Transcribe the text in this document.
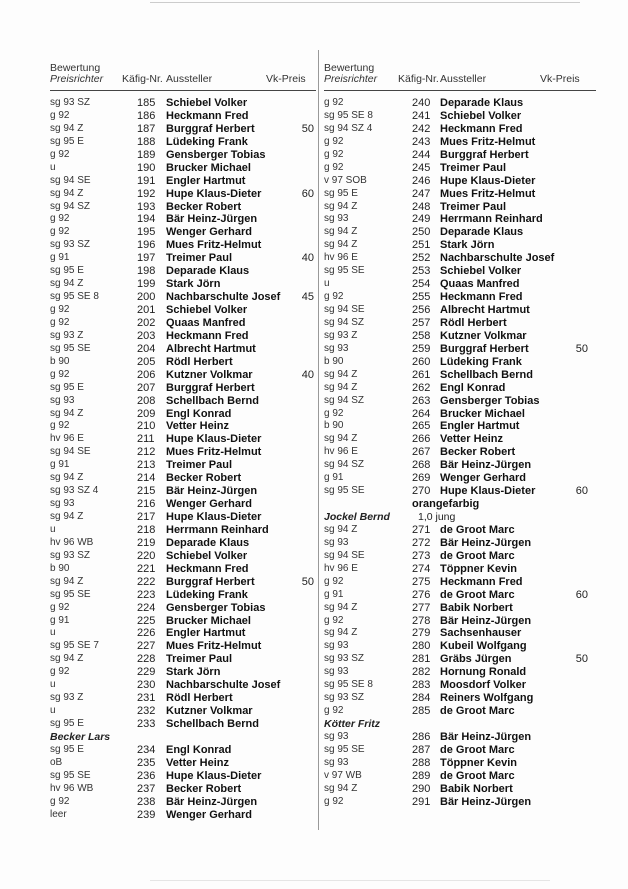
Bewertung
Preisrichter Käfig-Nr. Aussteller	Vk-Preis
sg 93 SZ	185 Schiebel Volker
g 92	186 Heckmann Fred
sg 94 Z	187 Burggraf Herbert	50
sg 95 E	188 Lüdeking Frank
g 92	189 Gensberger Tobias
u	190 Brucker Michael
sg 94 SE	191 Engler Hartmut
sg 94 Z	192 Hupe Klaus-Dieter	60
sg 94 SZ	193 Becker Robert
g 92	194 Bär Heinz-Jürgen
g 92	195 Wenger Gerhard
sg 93 SZ	196 Mues Fritz-Helmut
g 91	197 Treimer Paul	40
sg 95 E	198 Deparade Klaus
sg 94 Z	199 Stark Jörn
sg 95 SE 8	200 Nachbarschulte Josef	45
g 92	201 Schiebel Volker
g 92	202 Quaas Manfred
sg 93 Z	203 Heckmann Fred
sg 95 SE	204 Albrecht Hartmut
b 90	205 Rödl Herbert
g 92	206 Kutzner Volkmar	40
sg 95 E	207 Burggraf Herbert
sg 93	208 Schellbach Bernd
sg 94 Z	209 Engl Konrad
g 92	210 Vetter Heinz
hv 96 E	211 Hupe Klaus-Dieter
sg 94 SE	212 Mues Fritz-Helmut
g 91	213 Treimer Paul
sg 94 Z	214 Becker Robert
sg 93 SZ 4	215 Bär Heinz-Jürgen
sg 93	216 Wenger Gerhard
sg 94 Z	217 Hupe Klaus-Dieter
u	218 Herrmann Reinhard
hv 96 WB	219 Deparade Klaus
sg 93 SZ	220 Schiebel Volker
b 90	221 Heckmann Fred
sg 94 Z	222 Burggraf Herbert	50
sg 95 SE	223 Lüdeking Frank
g 92	224 Gensberger Tobias
g 91	225 Brucker Michael
u	226 Engler Hartmut
sg 95 SE 7	227 Mues Fritz-Helmut
sg 94 Z	228 Treimer Paul
g 92	229 Stark Jörn
u	230 Nachbarschulte Josef
sg 93 Z	231 Rödl Herbert
u	232 Kutzner Volkmar
sg 95 E	233 Schellbach Bernd
Becker Lars
sg 95 E	234 Engl Konrad
oB	235 Vetter Heinz
sg 95 SE	236 Hupe Klaus-Dieter
hv 96 WB	237 Becker Robert
g 92	238 Bär Heinz-Jürgen
leer	239 Wenger Gerhard
Bewertung
Preisrichter Käfig-Nr. Aussteller	Vk-Preis
g 92	240 Deparade Klaus
sg 95 SE 8	241 Schiebel Volker
sg 94 SZ 4	242 Heckmann Fred
g 92	243 Mues Fritz-Helmut
g 92	244 Burggraf Herbert
g 92	245 Treimer Paul
v 97 SOB	246 Hupe Klaus-Dieter
sg 95 E	247 Mues Fritz-Helmut
sg 94 Z	248 Treimer Paul
sg 93	249 Herrmann Reinhard
sg 94 Z	250 Deparade Klaus
sg 94 Z	251 Stark Jörn
hv 96 E	252 Nachbarschulte Josef
sg 95 SE	253 Schiebel Volker
u	254 Quaas Manfred
g 92	255 Heckmann Fred
sg 94 SE	256 Albrecht Hartmut
sg 94 SZ	257 Rödl Herbert
sg 93 Z	258 Kutzner Volkmar
sg 93	259 Burggraf Herbert	50
b 90	260 Lüdeking Frank
sg 94 Z	261 Schellbach Bernd
sg 94 Z	262 Engl Konrad
sg 94 SZ	263 Gensberger Tobias
g 92	264 Brucker Michael
b 90	265 Engler Hartmut
sg 94 Z	266 Vetter Heinz
hv 96 E	267 Becker Robert
sg 94 SZ	268 Bär Heinz-Jürgen
g 91	269 Wenger Gerhard
sg 95 SE	270 Hupe Klaus-Dieter	60
orangefarbig
Jockel Bernd	1,0 jung
sg 94 Z	271 de Groot Marc
sg 93	272 Bär Heinz-Jürgen
sg 94 SE	273 de Groot Marc
hv 96 E	274 Töppner Kevin
g 92	275 Heckmann Fred
g 91	276 de Groot Marc	60
sg 94 Z	277 Babik Norbert
g 92	278 Bär Heinz-Jürgen
sg 94 Z	279 Sachsenhauser
sg 93	280 Kubeil Wolfgang
sg 93 SZ	281 Gräbs Jürgen	50
sg 93	282 Hornung Ronald
sg 95 SE 8	283 Moosdorf Volker
sg 93 SZ	284 Reiners Wolfgang
g 92	285 de Groot Marc
Kötter Fritz
sg 93	286 Bär Heinz-Jürgen
sg 95 SE	287 de Groot Marc
sg 93	288 Töppner Kevin
v 97 WB	289 de Groot Marc
sg 94 Z	290 Babik Norbert
g 92	291 Bär Heinz-Jürgen
